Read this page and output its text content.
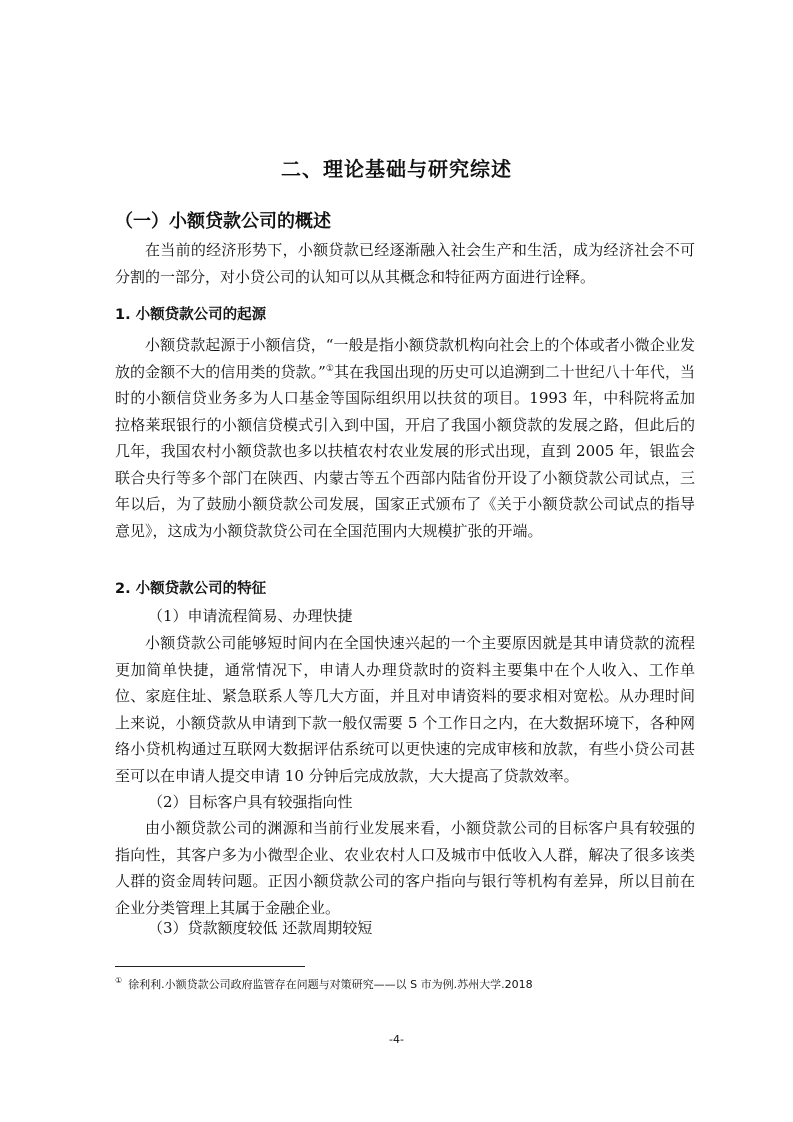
二、理论基础与研究综述
（一）小额贷款公司的概述

在当前的经济形势下，小额贷款已经逐渐融入社会生产和生活，成为经济社会不可分割的一部分，对小贷公司的认知可以从其概念和特征两方面进行诠释。

1. 小额贷款公司的起源

小额贷款起源于小额信贷，“一般是指小额贷款机构向社会上的个体或者小微企业发放的金额不大的信用类的贷款。”①其在我国出现的历史可以追溯到二十世纪八十年代，当时的小额信贷业务多为人口基金等国际组织用以扶贫的项目。1993 年，中科院将孟加拉格莱珉银行的小额信贷模式引入到中国，开启了我国小额贷款的发展之路，但此后的几年，我国农村小额贷款也多以扶植农村农业发展的形式出现，直到 2005 年，银监会联合央行等多个部门在陕西、内蒙古等五个西部内陆省份开设了小额贷款公司试点，三年以后，为了鼓励小额贷款公司发展，国家正式颁布了《关于小额贷款公司试点的指导意见》，这成为小额贷款贷公司在全国范围内大规模扩张的开端。

2. 小额贷款公司的特征
（1）申请流程简易、办理快捷

小额贷款公司能够短时间内在全国快速兴起的一个主要原因就是其申请贷款的流程更加简单快捷，通常情况下，申请人办理贷款时的资料主要集中在个人收入、工作单位、家庭住址、紧急联系人等几大方面，并且对申请资料的要求相对宽松。从办理时间上来说，小额贷款从申请到下款一般仅需要 5 个工作日之内，在大数据环境下，各种网络小贷机构通过互联网大数据评估系统可以更快速的完成审核和放款，有些小贷公司甚至可以在申请人提交申请 10 分钟后完成放款，大大提高了贷款效率。

（2）目标客户具有较强指向性

由小额贷款公司的渊源和当前行业发展来看，小额贷款公司的目标客户具有较强的指向性，其客户多为小微型企业、农业农村人口及城市中低收入人群，解决了很多该类人群的资金周转问题。正因小额贷款公司的客户指向与银行等机构有差异，所以目前在企业分类管理上其属于金融企业。

（3）贷款额度较低 还款周期较短
① 徐利利.小额贷款公司政府监管存在问题与对策研究——以 S 市为例.苏州大学.2018
-4-
